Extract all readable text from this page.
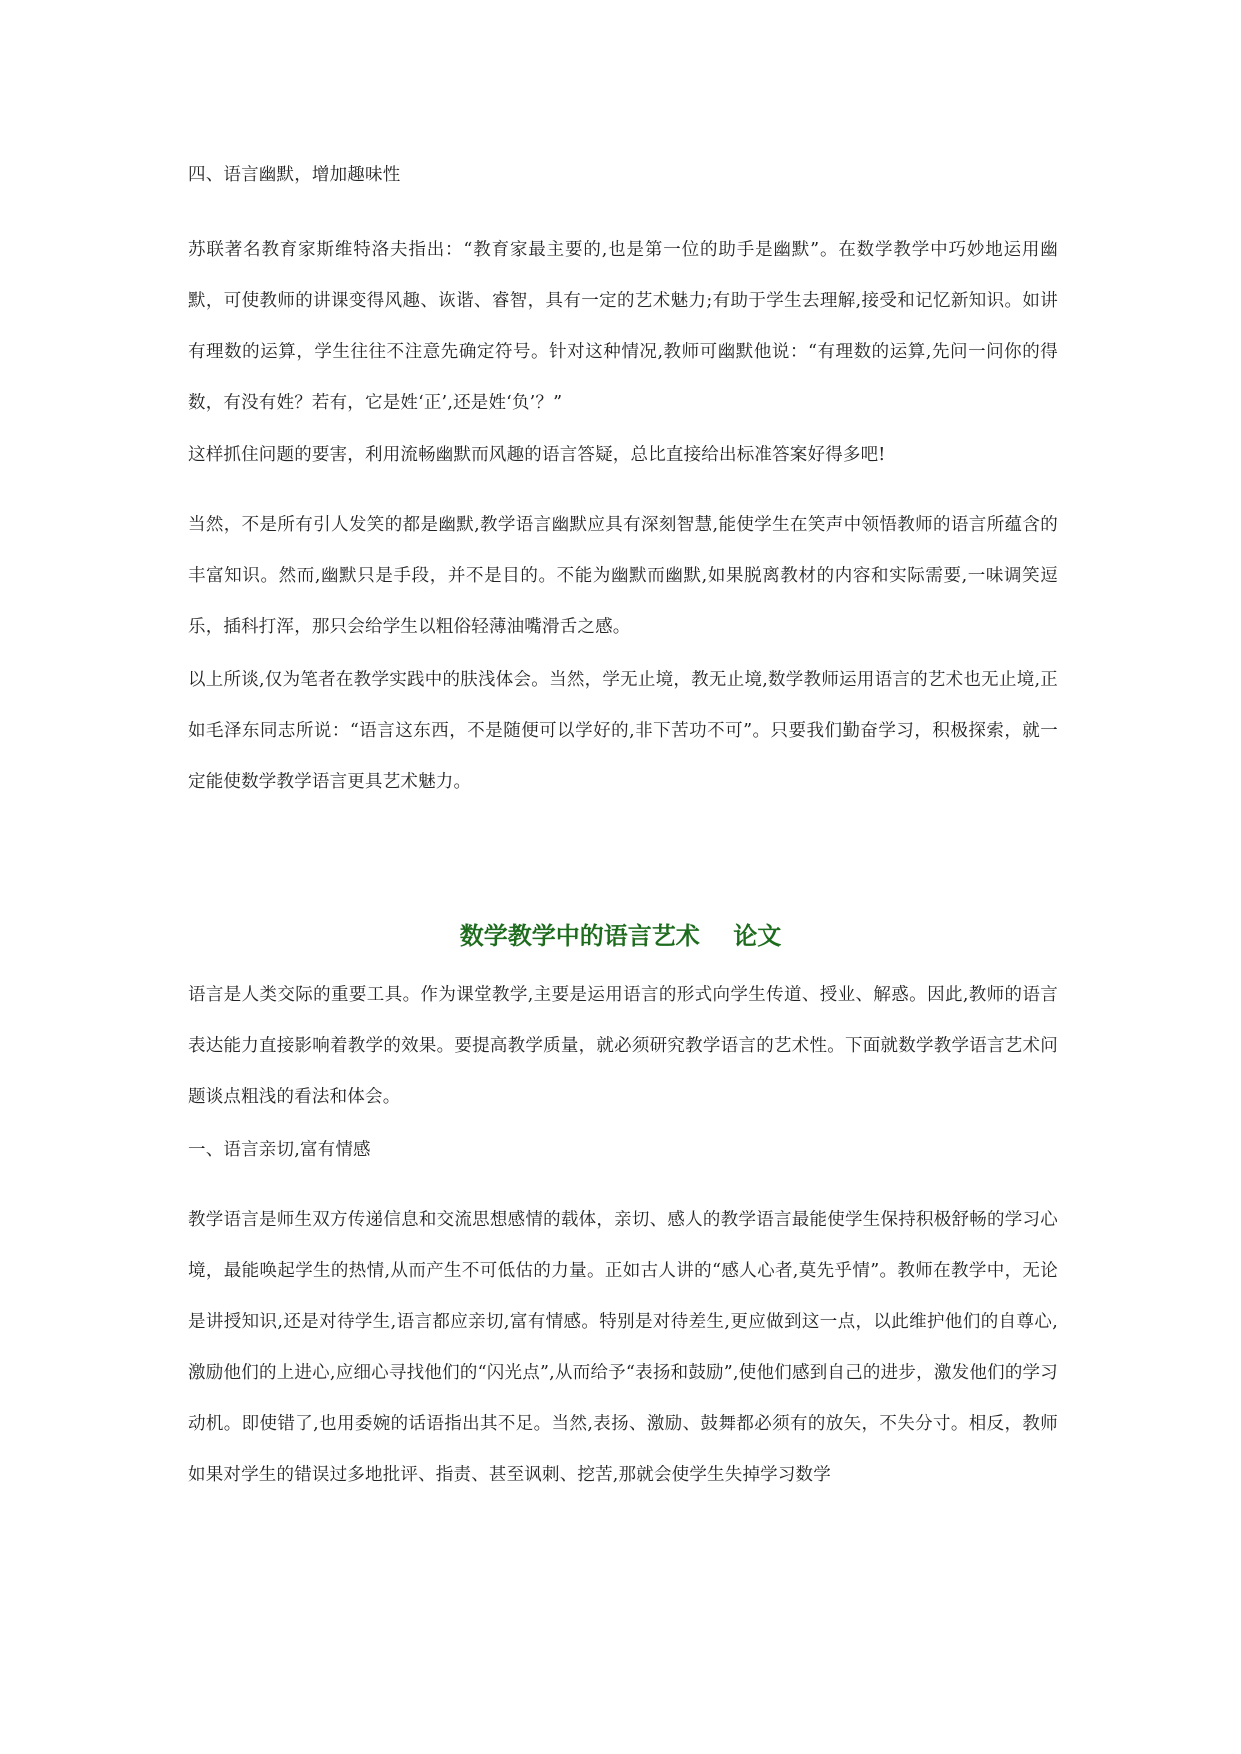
四、语言幽默，增加趣味性

苏联著名教育家斯维特洛夫指出：“教育家最主要的,也是第一位的助手是幽默”。在数学教学中巧妙地运用幽默，可使教师的讲课变得风趣、诙谐、睿智，具有一定的艺术魅力;有助于学生去理解,接受和记忆新知识。如讲有理数的运算，学生往往不注意先确定符号。针对这种情况,教师可幽默他说：“有理数的运算,先问一问你的得数，有没有姓？若有，它是姓‘正’,还是姓‘负’？”

这样抓住问题的要害，利用流畅幽默而风趣的语言答疑，总比直接给出标准答案好得多吧!

当然，不是所有引人发笑的都是幽默,教学语言幽默应具有深刻智慧,能使学生在笑声中领悟教师的语言所蕴含的丰富知识。然而,幽默只是手段，并不是目的。不能为幽默而幽默,如果脱离教材的内容和实际需要,一味调笑逗乐，插科打浑，那只会给学生以粗俗轻薄油嘴滑舌之感。

以上所谈,仅为笔者在教学实践中的肤浅体会。当然，学无止境，教无止境,数学教师运用语言的艺术也无止境,正如毛泽东同志所说：“语言这东西，不是随便可以学好的,非下苦功不可”。只要我们勤奋学习，积极探索，就一定能使数学教学语言更具艺术魅力。

数学教学中的语言艺术    论文

语言是人类交际的重要工具。作为课堂教学,主要是运用语言的形式向学生传道、授业、解惑。因此,教师的语言表达能力直接影响着教学的效果。要提高教学质量，就必须研究教学语言的艺术性。下面就数学教学语言艺术问题谈点粗浅的看法和体会。

一、语言亲切,富有情感

教学语言是师生双方传递信息和交流思想感情的载体，亲切、感人的教学语言最能使学生保持积极舒畅的学习心境，最能唤起学生的热情,从而产生不可低估的力量。正如古人讲的“感人心者,莫先乎情”。教师在教学中，无论是讲授知识,还是对待学生,语言都应亲切,富有情感。特别是对待差生,更应做到这一点，以此维护他们的自尊心,激励他们的上进心,应细心寻找他们的“闪光点”,从而给予“表扬和鼓励”,使他们感到自己的进步，激发他们的学习动机。即使错了,也用委婉的话语指出其不足。当然,表扬、激励、鼓舞都必须有的放矢，不失分寸。相反，教师如果对学生的错误过多地批评、指责、甚至讽刺、挖苦,那就会使学生失掉学习数学
